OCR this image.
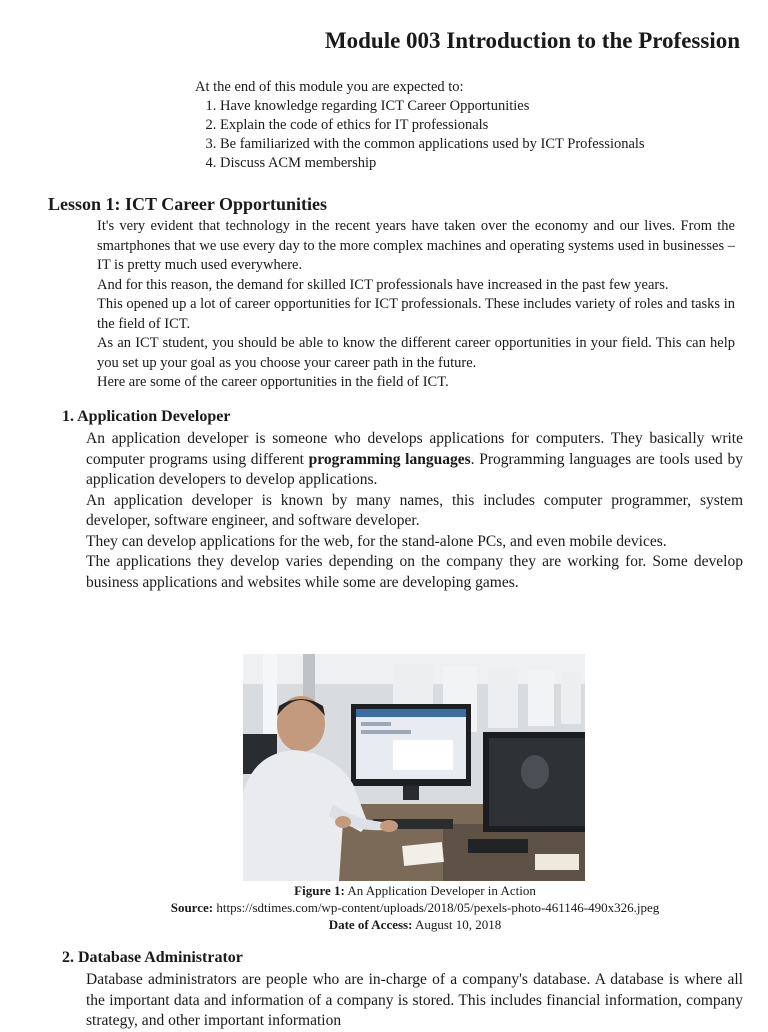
Module 003 Introduction to the Profession
At the end of this module you are expected to:
1. Have knowledge regarding ICT Career Opportunities
2. Explain the code of ethics for IT professionals
3. Be familiarized with the common applications used by ICT Professionals
4. Discuss ACM membership
Lesson 1: ICT Career Opportunities

It's very evident that technology in the recent years have taken over the economy and our lives. From the smartphones that we use every day to the more complex machines and operating systems used in businesses – IT is pretty much used everywhere.

And for this reason, the demand for skilled ICT professionals have increased in the past few years.

This opened up a lot of career opportunities for ICT professionals. These includes variety of roles and tasks in the field of ICT.

As an ICT student, you should be able to know the different career opportunities in your field. This can help you set up your goal as you choose your career path in the future.

Here are some of the career opportunities in the field of ICT.

1. Application Developer

An application developer is someone who develops applications for computers. They basically write computer programs using different programming languages. Programming languages are tools used by application developers to develop applications.

An application developer is known by many names, this includes computer programmer, system developer, software engineer, and software developer.

They can develop applications for the web, for the stand-alone PCs, and even mobile devices.

The applications they develop varies depending on the company they are working for. Some develop business applications and websites while some are developing games.

Figure 1: An Application Developer in Action
Source: https://sdtimes.com/wp-content/uploads/2018/05/pexels-photo-461146-490x326.jpeg
Date of Access: August 10, 2018
2. Database Administrator

Database administrators are people who are in-charge of a company's database. A database is where all the important data and information of a company is stored. This includes financial information, company strategy, and other important information
